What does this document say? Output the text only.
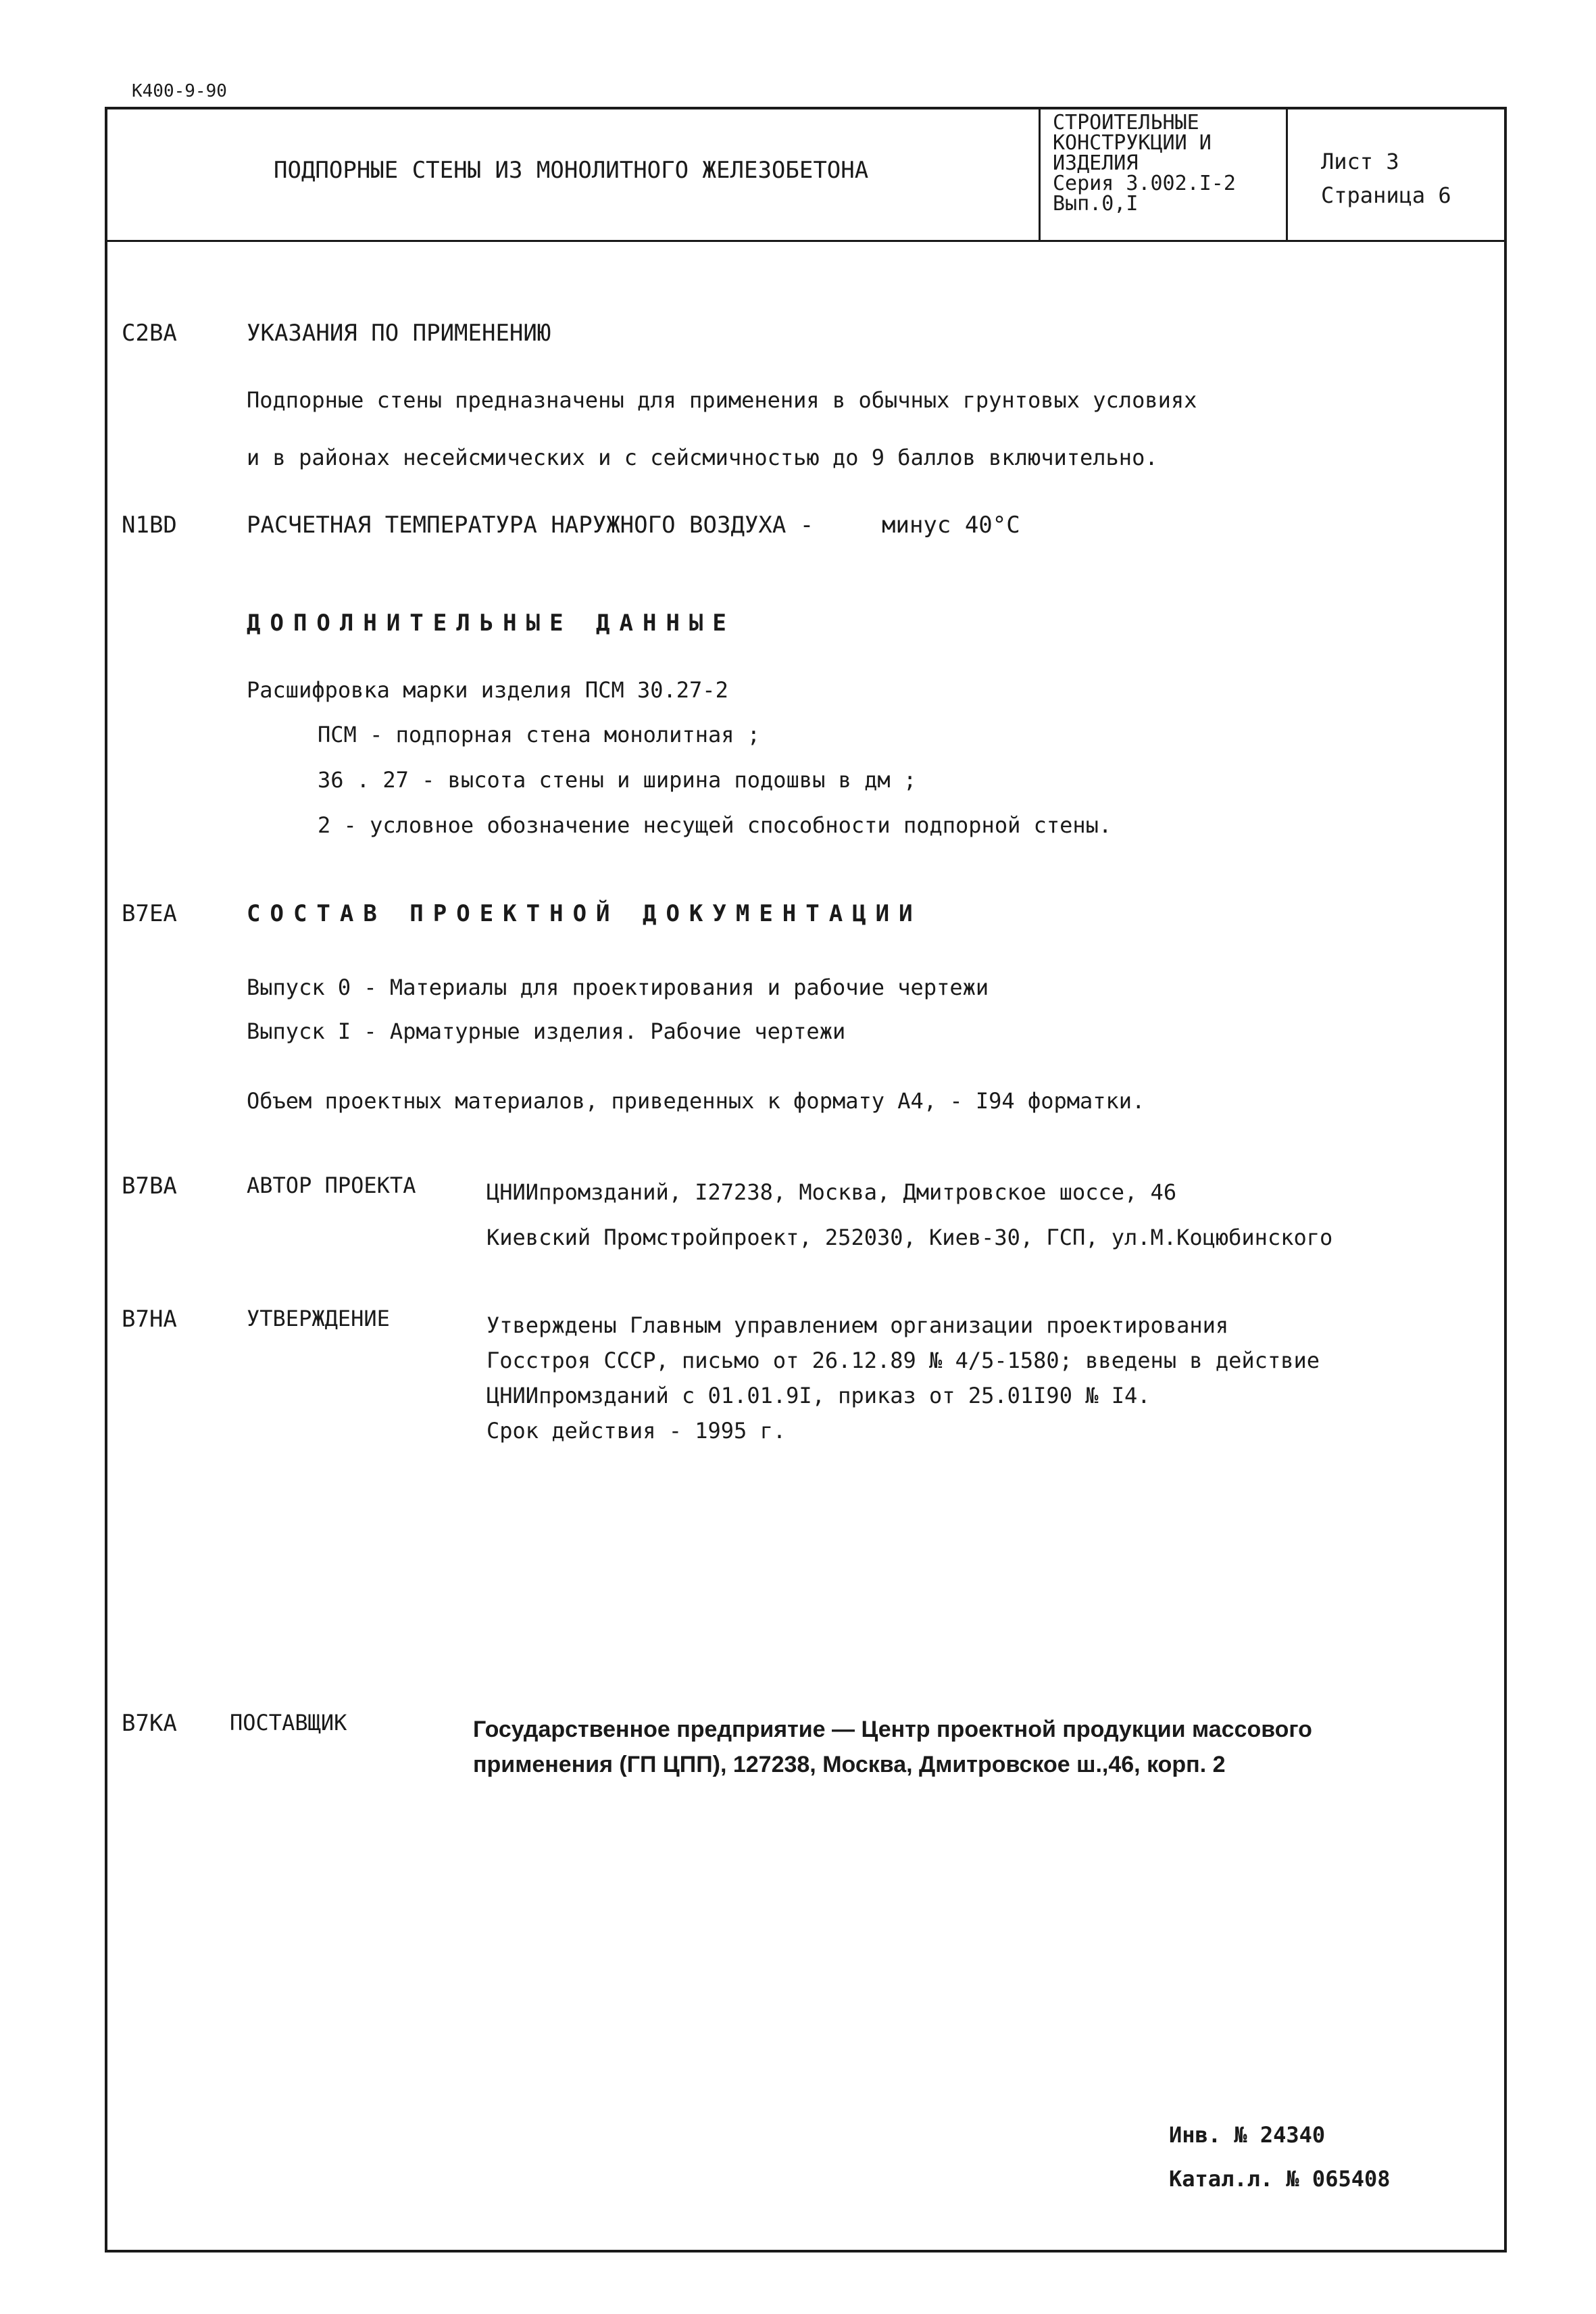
К400-9-90
ПОДПОРНЫЕ СТЕНЫ ИЗ МОНОЛИТНОГО ЖЕЛЕЗОБЕТОНА
СТРОИТЕЛЬНЫЕ
КОНСТРУКЦИИ И
ИЗДЕЛИЯ
Серия 3.002.I-2
Вып.0,I
Лист 3
Страница 6
C2BA	УКАЗАНИЯ ПО ПРИМЕНЕНИЮ
Подпорные стены предназначены для применения в обычных грунтовых условиях
и в районах несейсмических и с сейсмичностью до 9 баллов включительно.
N1BD	РАСЧЕТНАЯ ТЕМПЕРАТУРА НАРУЖНОГО ВОЗДУХА -	минус 40°С
ДОПОЛНИТЕЛЬНЫЕ ДАННЫЕ
Расшифровка марки изделия ПСМ 30.27-2
ПСМ - подпорная стена монолитная ;
36 . 27 - высота стены и ширина подошвы в дм ;
2 - условное обозначение несущей способности подпорной стены.
B7EA	СОСТАВ ПРОЕКТНОЙ ДОКУМЕНТАЦИИ
Выпуск 0 - Материалы для проектирования и рабочие чертежи
Выпуск I - Арматурные изделия. Рабочие чертежи
Объем проектных материалов, приведенных к формату А4, - I94 форматки.
B7BA	АВТОР ПРОЕКТА	ЦНИИпромзданий, I27238, Москва, Дмитровское шоссе, 46
Киевский Промстройпроект, 252030, Киев-30, ГСП, ул.М.Коцюбинского
B7HA	УТВЕРЖДЕНИЕ	Утверждены Главным управлением организации проектирования
Госстроя СССР, письмо от 26.12.89 № 4/5-1580; введены в действие
ЦНИИпромзданий с 01.01.9I, приказ от 25.01I90 № I4.
Срок действия - 1995 г.
B7KA ПОСТАВЩИК	Государственное предприятие — Центр проектной продукции массового
применения (ГП ЦПП), 127238, Москва, Дмитровское ш.,46, корп. 2
Инв. № 24340
Катал.л. № 065408
